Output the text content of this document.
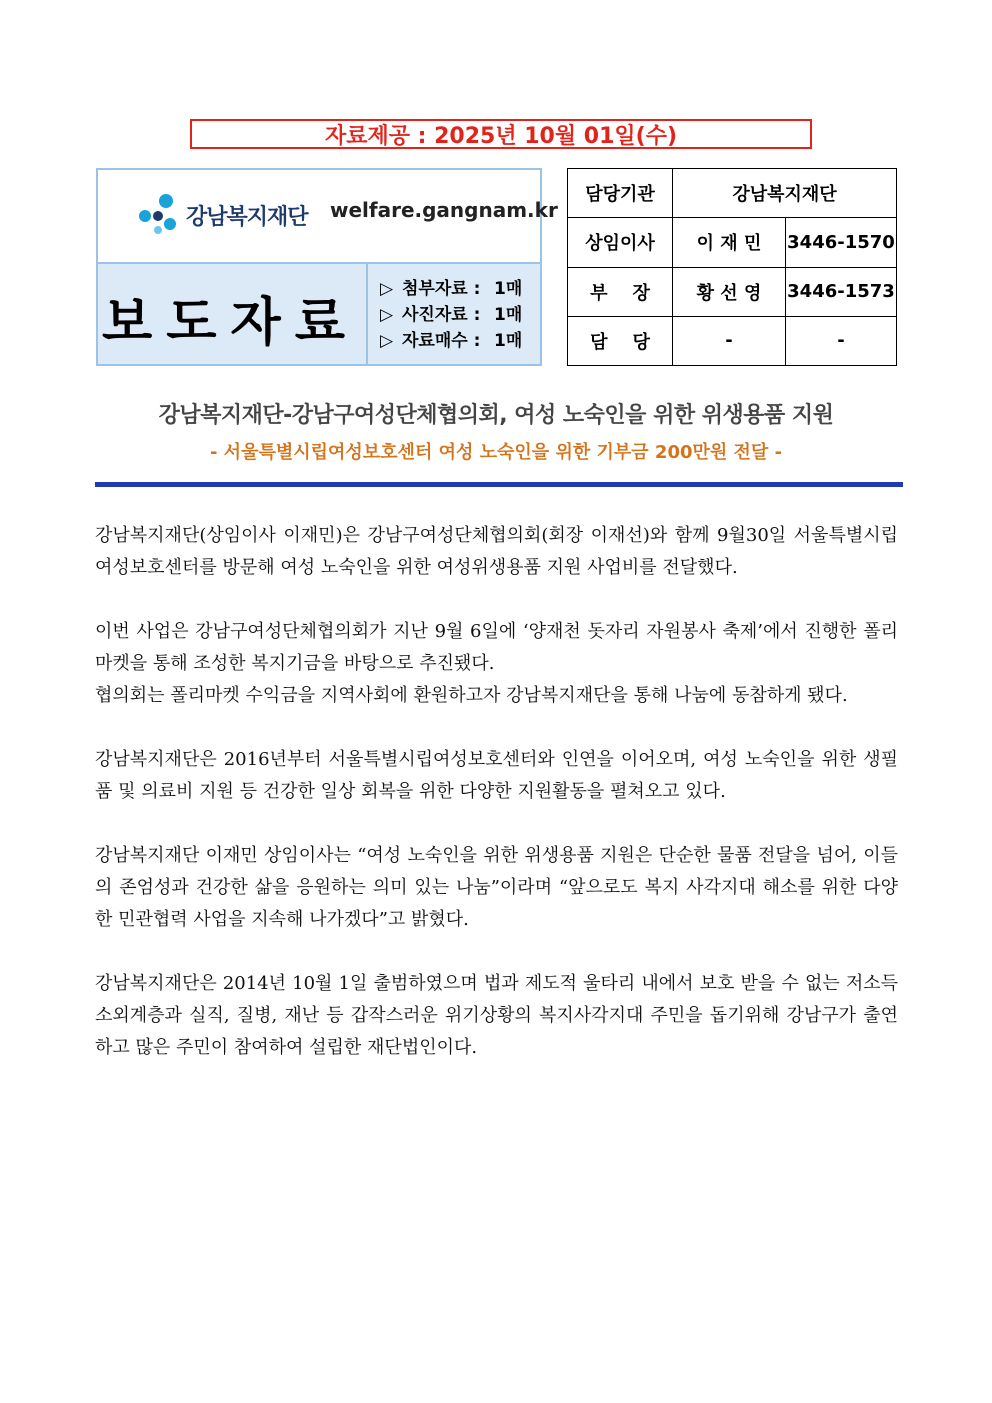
자료제공 : 2025년 10월 01일(수)
강남복지재단 welfare.gangnam.kr
보도자료
▷ 첨부자료 : 1매
▷ 사진자료 : 1매
▷ 자료매수 : 1매
담당기관	강남복지재단	
상임이사	이 재 민	3446-1570
부    장	황 선 영	3446-1573
담    당	-	-
강남복지재단-강남구여성단체협의회, 여성 노숙인을 위한 위생용품 지원
- 서울특별시립여성보호센터 여성 노숙인을 위한 기부금 200만원 전달 -

강남복지재단(상임이사 이재민)은 강남구여성단체협의회(회장 이재선)와 함께 9월30일 서울특별시립여성보호센터를 방문해 여성 노숙인을 위한 여성위생용품 지원 사업비를 전달했다.

이번 사업은 강남구여성단체협의회가 지난 9월 6일에 ‘양재천 돗자리 자원봉사 축제’에서 진행한 폴리마켓을 통해 조성한 복지기금을 바탕으로 추진됐다.
협의회는 폴리마켓 수익금을 지역사회에 환원하고자 강남복지재단을 통해 나눔에 동참하게 됐다.

강남복지재단은 2016년부터 서울특별시립여성보호센터와 인연을 이어오며, 여성 노숙인을 위한 생필품 및 의료비 지원 등 건강한 일상 회복을 위한 다양한 지원활동을 펼쳐오고 있다.

강남복지재단 이재민 상임이사는 “여성 노숙인을 위한 위생용품 지원은 단순한 물품 전달을 넘어, 이들의 존엄성과 건강한 삶을 응원하는 의미 있는 나눔”이라며 “앞으로도 복지 사각지대 해소를 위한 다양한 민관협력 사업을 지속해 나가겠다”고 밝혔다.

강남복지재단은 2014년 10월 1일 출범하였으며 법과 제도적 울타리 내에서 보호 받을 수 없는 저소득 소외계층과 실직, 질병, 재난 등 갑작스러운 위기상황의 복지사각지대 주민을 돕기위해 강남구가 출연하고 많은 주민이 참여하여 설립한 재단법인이다.
